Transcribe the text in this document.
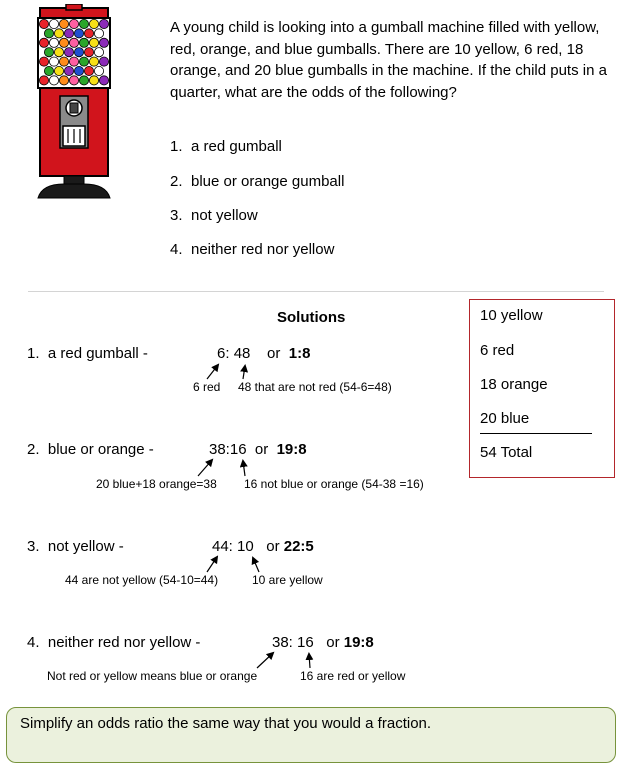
A young child is looking into a gumball machine filled with yellow, red, orange, and blue gumballs. There are 10 yellow, 6 red, 18 orange, and 20 blue gumballs in the machine. If the child puts in a quarter, what are the odds of the following?
1. a red gumball
2. blue or orange gumball
3. not yellow
4. neither red nor yellow
Solutions
1. a red gumball -	6: 48 or 1:8
6 red 48 that are not red (54-6=48)
2. blue or orange -	38:16 or 19:8
20 blue+18 orange=38 16 not blue or orange (54-38 =16)
3. not yellow -	44: 10 or 22:5
44 are not yellow (54-10=44)	10 are yellow
4. neither red nor yellow -	38: 16 or 19:8
Not red or yellow means blue or orange	16 are red or yellow
10 yellow
6 red
18 orange
20 blue
54 Total
Simplify an odds ratio the same way that you would a fraction.
